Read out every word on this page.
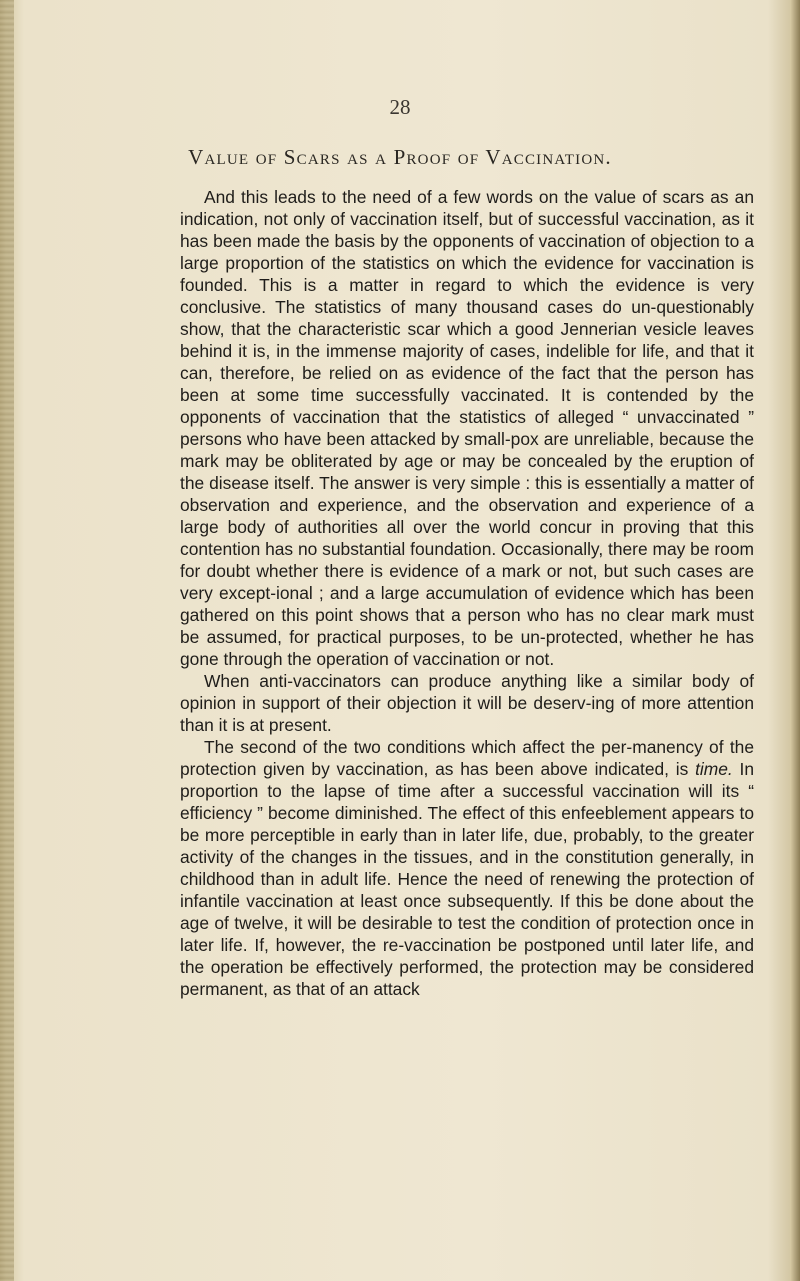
28
Value of Scars as a Proof of Vaccination.

And this leads to the need of a few words on the value of scars as an indication, not only of vaccination itself, but of successful vaccination, as it has been made the basis by the opponents of vaccination of objection to a large proportion of the statistics on which the evidence for vaccination is founded. This is a matter in regard to which the evidence is very conclusive. The statistics of many thousand cases do un-questionably show, that the characteristic scar which a good Jennerian vesicle leaves behind it is, in the immense majority of cases, indelible for life, and that it can, therefore, be relied on as evidence of the fact that the person has been at some time successfully vaccinated. It is contended by the opponents of vaccination that the statistics of alleged “ unvaccinated ” persons who have been attacked by small-pox are unreliable, because the mark may be obliterated by age or may be concealed by the eruption of the disease itself. The answer is very simple : this is essentially a matter of observation and experience, and the observation and experience of a large body of authorities all over the world concur in proving that this contention has no substantial foundation. Occasionally, there may be room for doubt whether there is evidence of a mark or not, but such cases are very except-ional ; and a large accumulation of evidence which has been gathered on this point shows that a person who has no clear mark must be assumed, for practical purposes, to be un-protected, whether he has gone through the operation of vaccination or not.

When anti-vaccinators can produce anything like a similar body of opinion in support of their objection it will be deserv-ing of more attention than it is at present.

The second of the two conditions which affect the per-manency of the protection given by vaccination, as has been above indicated, is time. In proportion to the lapse of time after a successful vaccination will its “ efficiency ” become diminished. The effect of this enfeeblement appears to be more perceptible in early than in later life, due, probably, to the greater activity of the changes in the tissues, and in the constitution generally, in childhood than in adult life. Hence the need of renewing the protection of infantile vaccination at least once subsequently. If this be done about the age of twelve, it will be desirable to test the condition of protection once in later life. If, however, the re-vaccination be postponed until later life, and the operation be effectively performed, the protection may be considered permanent, as that of an attack
